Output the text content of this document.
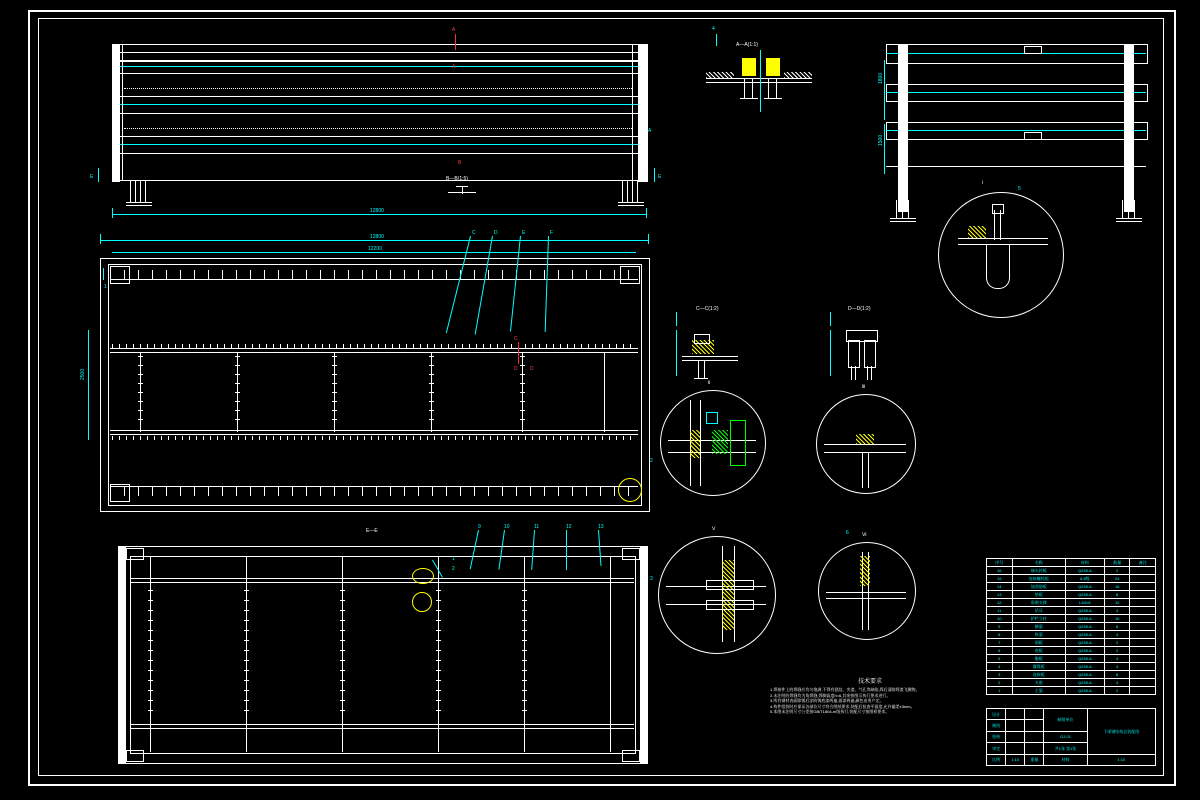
A
A
B
B—B(1:5)
E	E
A
12800
1
12800
12200
2500
C	D	E	F
C
D D
2
E—E
1
2
9	10	11	12	13
3
A—A(1:1)
4
1800
1500
Ⅰ
5
C—C(1:2)	D—D(1:2)
Ⅱ
Ⅲ
Ⅴ
Ⅵ
6
技术要求
1.焊接件上的焊缝应均匀饱满,不得有裂纹、夹渣、气孔等缺陷,焊后清除焊渣飞溅物。
2.未注明的焊缝均为角焊缝,焊脚高度h=6,其余按图示执行要求进行。
3.所有钢材表面除锈后涂防锈底漆两遍,面漆两遍,颜色由用户定。
4.构件组装时应保证各部位尺寸符合图纸要求,装配后检查平面度,允许偏差±3mm。
5.本图未注明尺寸公差按GB/T1804-m级执行,装配尺寸按图样要求。
序号	名称	材料	数量	备注
16	端头封板	Q235-A	2	
15	连接螺栓组	8.8级	24	
14	加劲肋板	Q235-A	16	
13	垫板	Q235-A	8	
12	角钢支撑	L63×6	12	
11	吊耳	Q235-A	4	
10	护栏立柱	Q235-A	10	
9	横梁	Q235-A	6	
8	纵梁	Q235-A	4	
7	面板	Q235-A	2	
6	底板	Q235-A	2	
5	腹板	Q235-A	4	
4	翼缘板	Q235-A	4	
3	连接板	Q235-A	8	
2	支座	Q235-A	4	
1	主梁	Q235-A	2	
设计			制图单位	下部钢结构总装配图
制图				
校核			GJ-01	
审定			共1张 第1张	
比例	1:10	重量	材料	1:10
